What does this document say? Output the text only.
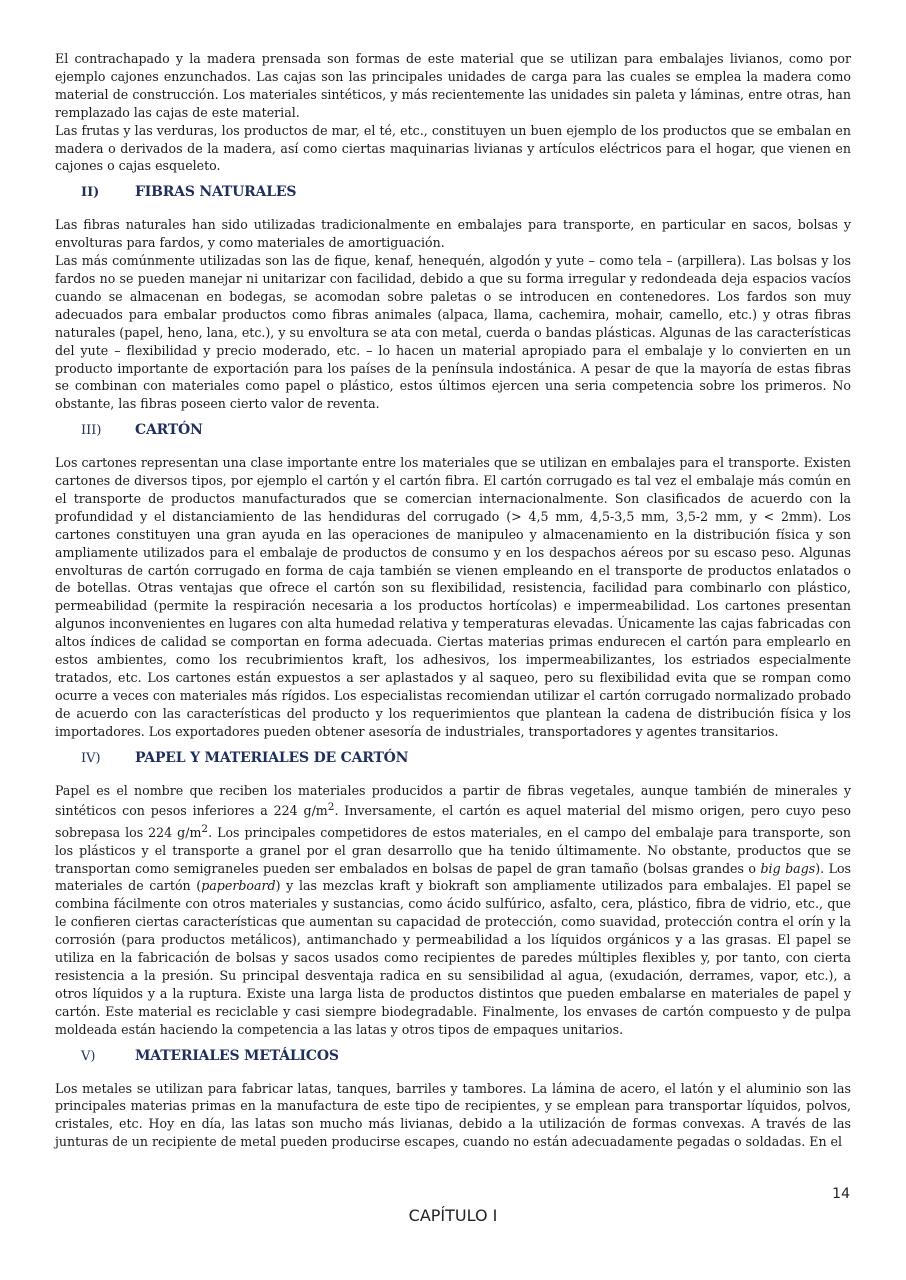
El contrachapado y la madera prensada son formas de este material que se utilizan para embalajes livianos, como por ejemplo cajones enzunchados. Las cajas son las principales unidades de carga para las cuales se emplea la madera como material de construcción. Los materiales sintéticos, y más recientemente las unidades sin paleta y láminas, entre otras, han remplazado las cajas de este material.

Las frutas y las verduras, los productos de mar, el té, etc., constituyen un buen ejemplo de los productos que se embalan en madera o derivados de la madera, así como ciertas maquinarias livianas y artículos eléctricos para el hogar, que vienen en cajones o cajas esqueleto.

II)	FIBRAS NATURALES

Las fibras naturales han sido utilizadas tradicionalmente en embalajes para transporte, en particular en sacos, bolsas y envolturas para fardos, y como materiales de amortiguación.

Las más comúnmente utilizadas son las de fique, kenaf, henequén, algodón y yute – como tela – (arpillera). Las bolsas y los fardos no se pueden manejar ni unitarizar con facilidad, debido a que su forma irregular y redondeada deja espacios vacíos cuando se almacenan en bodegas, se acomodan sobre paletas o se introducen en contenedores. Los fardos son muy adecuados para embalar productos como fibras animales (alpaca, llama, cachemira, mohair, camello, etc.) y otras fibras naturales (papel, heno, lana, etc.), y su envoltura se ata con metal, cuerda o bandas plásticas. Algunas de las características del yute – flexibilidad y precio moderado, etc. – lo hacen un material apropiado para el embalaje y lo convierten en un producto importante de exportación para los países de la península indostánica. A pesar de que la mayoría de estas fibras se combinan con materiales como papel o plástico, estos últimos ejercen una seria competencia sobre los primeros. No obstante, las fibras poseen cierto valor de reventa.

III)	CARTÓN

Los cartones representan una clase importante entre los materiales que se utilizan en embalajes para el transporte. Existen cartones de diversos tipos, por ejemplo el cartón y el cartón fibra. El cartón corrugado es tal vez el embalaje más común en el transporte de productos manufacturados que se comercian internacionalmente. Son clasificados de acuerdo con la profundidad y el distanciamiento de las hendiduras del corrugado (> 4,5 mm, 4,5-3,5 mm, 3,5-2 mm, y < 2mm). Los cartones constituyen una gran ayuda en las operaciones de manipuleo y almacenamiento en la distribución física y son ampliamente utilizados para el embalaje de productos de consumo y en los despachos aéreos por su escaso peso. Algunas envolturas de cartón corrugado en forma de caja también se vienen empleando en el transporte de productos enlatados o de botellas. Otras ventajas que ofrece el cartón son su flexibilidad, resistencia, facilidad para combinarlo con plástico, permeabilidad (permite la respiración necesaria a los productos hortícolas) e impermeabilidad. Los cartones presentan algunos inconvenientes en lugares con alta humedad relativa y temperaturas elevadas. Únicamente las cajas fabricadas con altos índices de calidad se comportan en forma adecuada. Ciertas materias primas endurecen el cartón para emplearlo en estos ambientes, como los recubrimientos kraft, los adhesivos, los impermeabilizantes, los estriados especialmente tratados, etc. Los cartones están expuestos a ser aplastados y al saqueo, pero su flexibilidad evita que se rompan como ocurre a veces con materiales más rígidos. Los especialistas recomiendan utilizar el cartón corrugado normalizado probado de acuerdo con las características del producto y los requerimientos que plantean la cadena de distribución física y los importadores. Los exportadores pueden obtener asesoría de industriales, transportadores y agentes transitarios.

IV)	PAPEL Y MATERIALES DE CARTÓN

Papel es el nombre que reciben los materiales producidos a partir de fibras vegetales, aunque también de minerales y sintéticos con pesos inferiores a 224 $g/m^2$. Inversamente, el cartón es aquel material del mismo origen, pero cuyo peso sobrepasa los 224 $g/m^2$. Los principales competidores de estos materiales, en el campo del embalaje para transporte, son los plásticos y el transporte a granel por el gran desarrollo que ha tenido últimamente. No obstante, productos que se transportan como semigraneles pueden ser embalados en bolsas de papel de gran tamaño (bolsas grandes o big bags). Los materiales de cartón (paperboard) y las mezclas kraft y biokraft son ampliamente utilizados para embalajes. El papel se combina fácilmente con otros materiales y sustancias, como ácido sulfúrico, asfalto, cera, plástico, fibra de vidrio, etc., que le confieren ciertas características que aumentan su capacidad de protección, como suavidad, protección contra el orín y la corrosión (para productos metálicos), antimanchado y permeabilidad a los líquidos orgánicos y a las grasas. El papel se utiliza en la fabricación de bolsas y sacos usados como recipientes de paredes múltiples flexibles y, por tanto, con cierta resistencia a la presión. Su principal desventaja radica en su sensibilidad al agua, (exudación, derrames, vapor, etc.), a otros líquidos y a la ruptura. Existe una larga lista de productos distintos que pueden embalarse en materiales de papel y cartón. Este material es reciclable y casi siempre biodegradable. Finalmente, los envases de cartón compuesto y de pulpa moldeada están haciendo la competencia a las latas y otros tipos de empaques unitarios.

V)	MATERIALES METÁLICOS

Los metales se utilizan para fabricar latas, tanques, barriles y tambores. La lámina de acero, el latón y el aluminio son las principales materias primas en la manufactura de este tipo de recipientes, y se emplean para transportar líquidos, polvos, cristales, etc. Hoy en día, las latas son mucho más livianas, debido a la utilización de formas convexas. A través de las junturas de un recipiente de metal pueden producirse escapes, cuando no están adecuadamente pegadas o soldadas. En el

14
CAPÍTULO I
